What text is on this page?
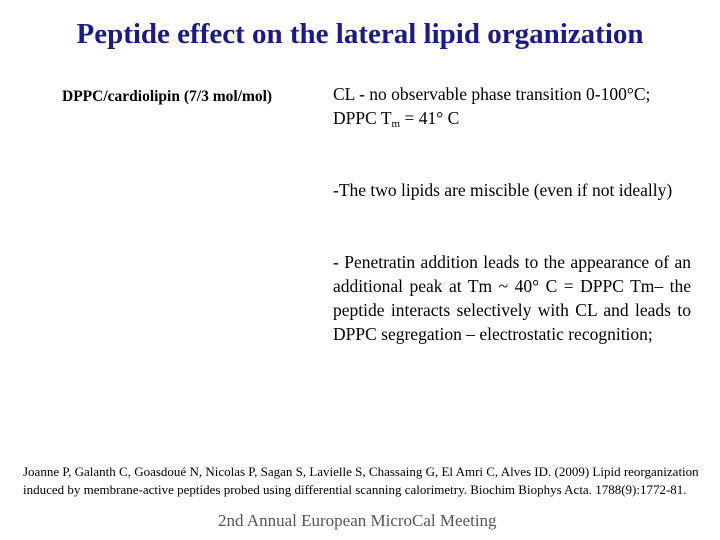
Peptide effect on the lateral lipid organization
DPPC/cardiolipin (7/3 mol/mol)	CL - no observable phase transition 0-100°C;
DPPC $T_m = 41^\circ$ C
-The two lipids are miscible (even if not ideally)
- Penetratin addition leads to the appearance of an additional peak at Tm ~ 40° C = DPPC Tm– the peptide interacts selectively with CL and leads to DPPC segregation – electrostatic recognition;
Joanne P, Galanth C, Goasdoué N, Nicolas P, Sagan S, Lavielle S, Chassaing G, El Amri C, Alves ID. (2009) Lipid reorganization induced by membrane-active peptides probed using differential scanning calorimetry. Biochim Biophys Acta. 1788(9):1772-81.
2nd Annual European MicroCal Meeting
